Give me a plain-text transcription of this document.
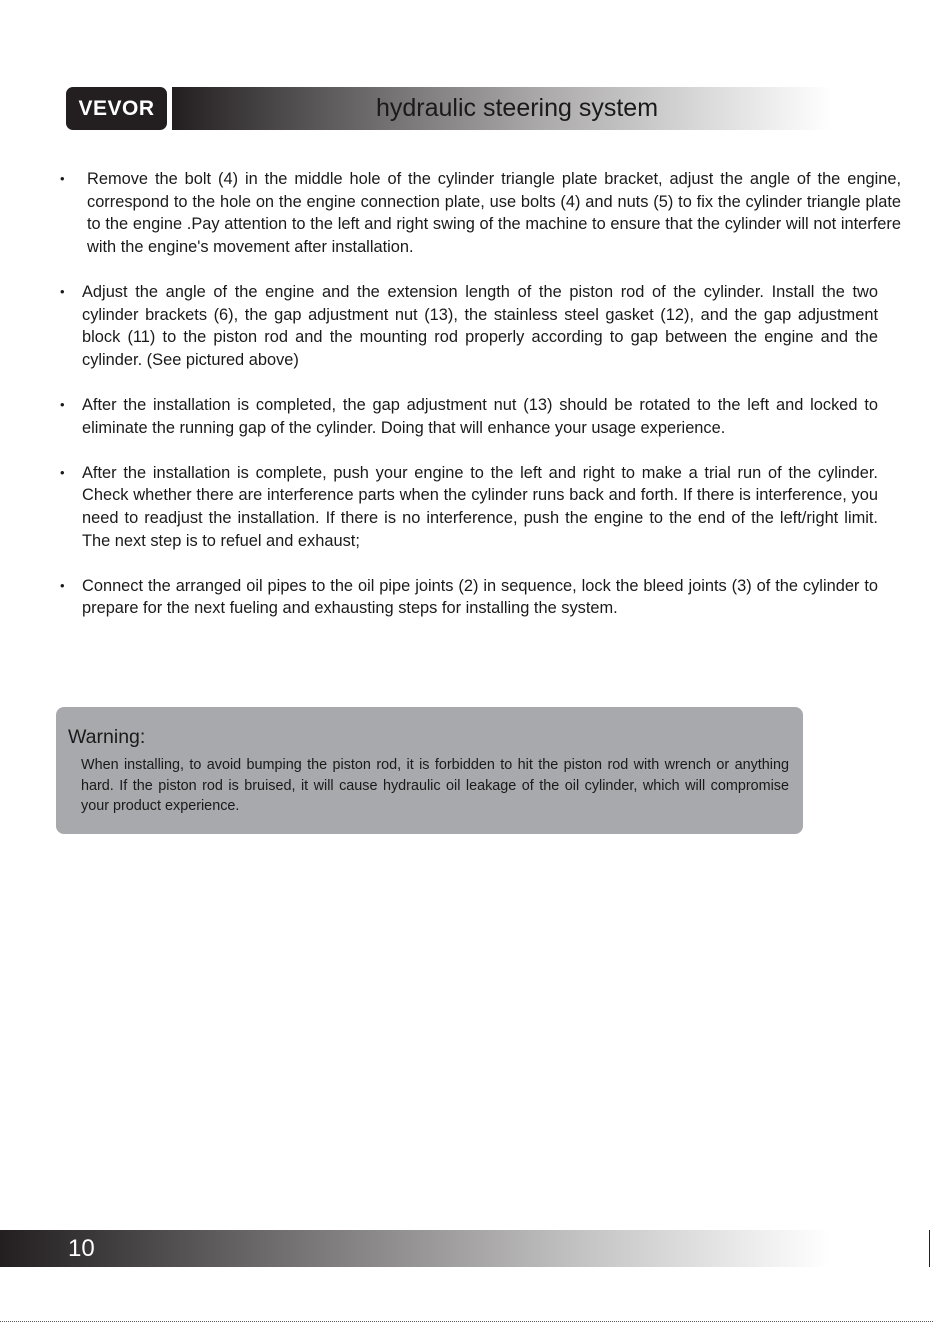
VEVOR	hydraulic steering system
• Remove the bolt (4) in the middle hole of the cylinder triangle plate bracket, adjust the angle of the engine, correspond to the hole on the engine connection plate, use bolts (4) and nuts (5) to fix the cylinder triangle plate to the engine .Pay attention to the left and right swing of the machine to ensure that the cylinder will not interfere with the engine's movement after installation.
• Adjust the angle of the engine and the extension length of the piston rod of the cylinder. Install the two cylinder brackets (6), the gap adjustment nut (13), the stainless steel gasket (12), and the gap adjustment block (11) to the piston rod and the mounting rod properly according to gap between the engine and the cylinder. (See pictured above)
• After the installation is completed, the gap adjustment nut (13) should be rotated to the left and locked to eliminate the running gap of the cylinder. Doing that will enhance your usage experience.
• After the installation is complete, push your engine to the left and right to make a trial run of the cylinder. Check whether there are interference parts when the cylinder runs back and forth. If there is interference, you need to readjust the installation. If there is no interference, push the engine to the end of the left/right limit. The next step is to refuel and exhaust;
• Connect the arranged oil pipes to the oil pipe joints (2) in sequence, lock the bleed joints (3) of the cylinder to prepare for the next fueling and exhausting steps for installing the system.
Warning:
When installing, to avoid bumping the piston rod, it is forbidden to hit the piston rod with wrench or anything hard. If the piston rod is bruised, it will cause hydraulic oil leakage of the oil cylinder, which will compromise your product experience.
10
